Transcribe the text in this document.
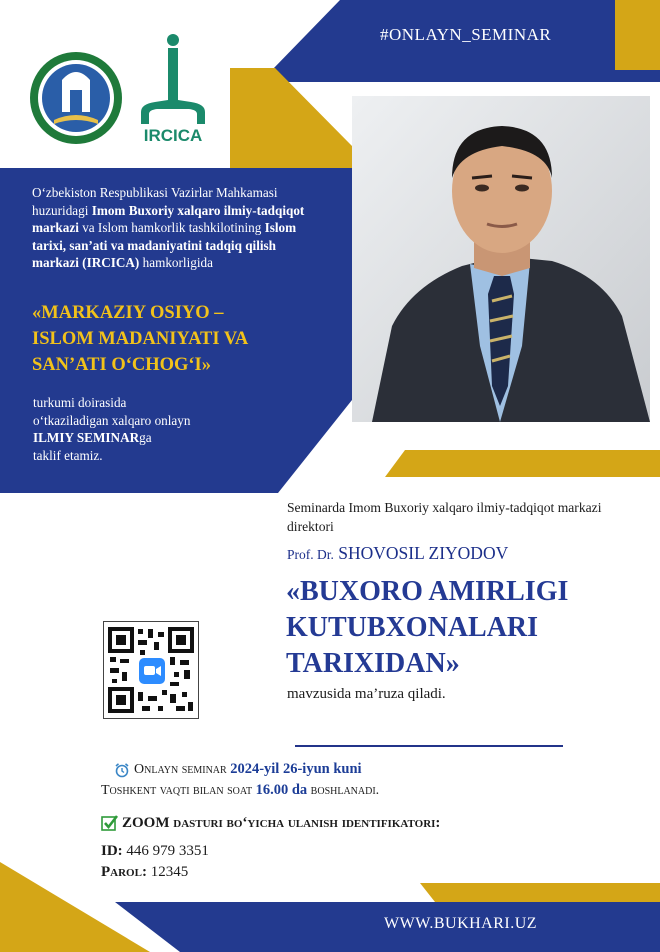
IRCICA
#ONLAYN_SEMINAR
O‘zbekiston Respublikasi Vazirlar Mahkamasi huzuridagi Imom Buxoriy xalqaro ilmiy-tadqiqot markazi va Islom hamkorlik tashkilotining Islom tarixi, san’ati va madaniyatini tadqiq qilish markazi (IRCICA) hamkorligida
«MARKAZIY OSIYO –
ISLOM MADANIYATI VA
SAN’ATI O‘CHOG‘I»
turkumi doirasida
o‘tkaziladigan xalqaro onlayn
ILMIY SEMINARga
taklif etamiz.
Seminarda Imom Buxoriy xalqaro ilmiy-tadqiqot markazi direktori
Prof. Dr. SHOVOSIL ZIYODOV
«BUXORO AMIRLIGI
KUTUBXONALARI
TARIXIDAN»
mavzusida ma’ruza qiladi.
Onlayn seminar 2024-yil 26-iyun kuni
Toshkent vaqti bilan soat 16.00 da boshlanadi.
ZOOM dasturi bo‘yicha ulanish identifikatori:
ID: 446 979 3351
Parol: 12345
WWW.BUKHARI.UZ
